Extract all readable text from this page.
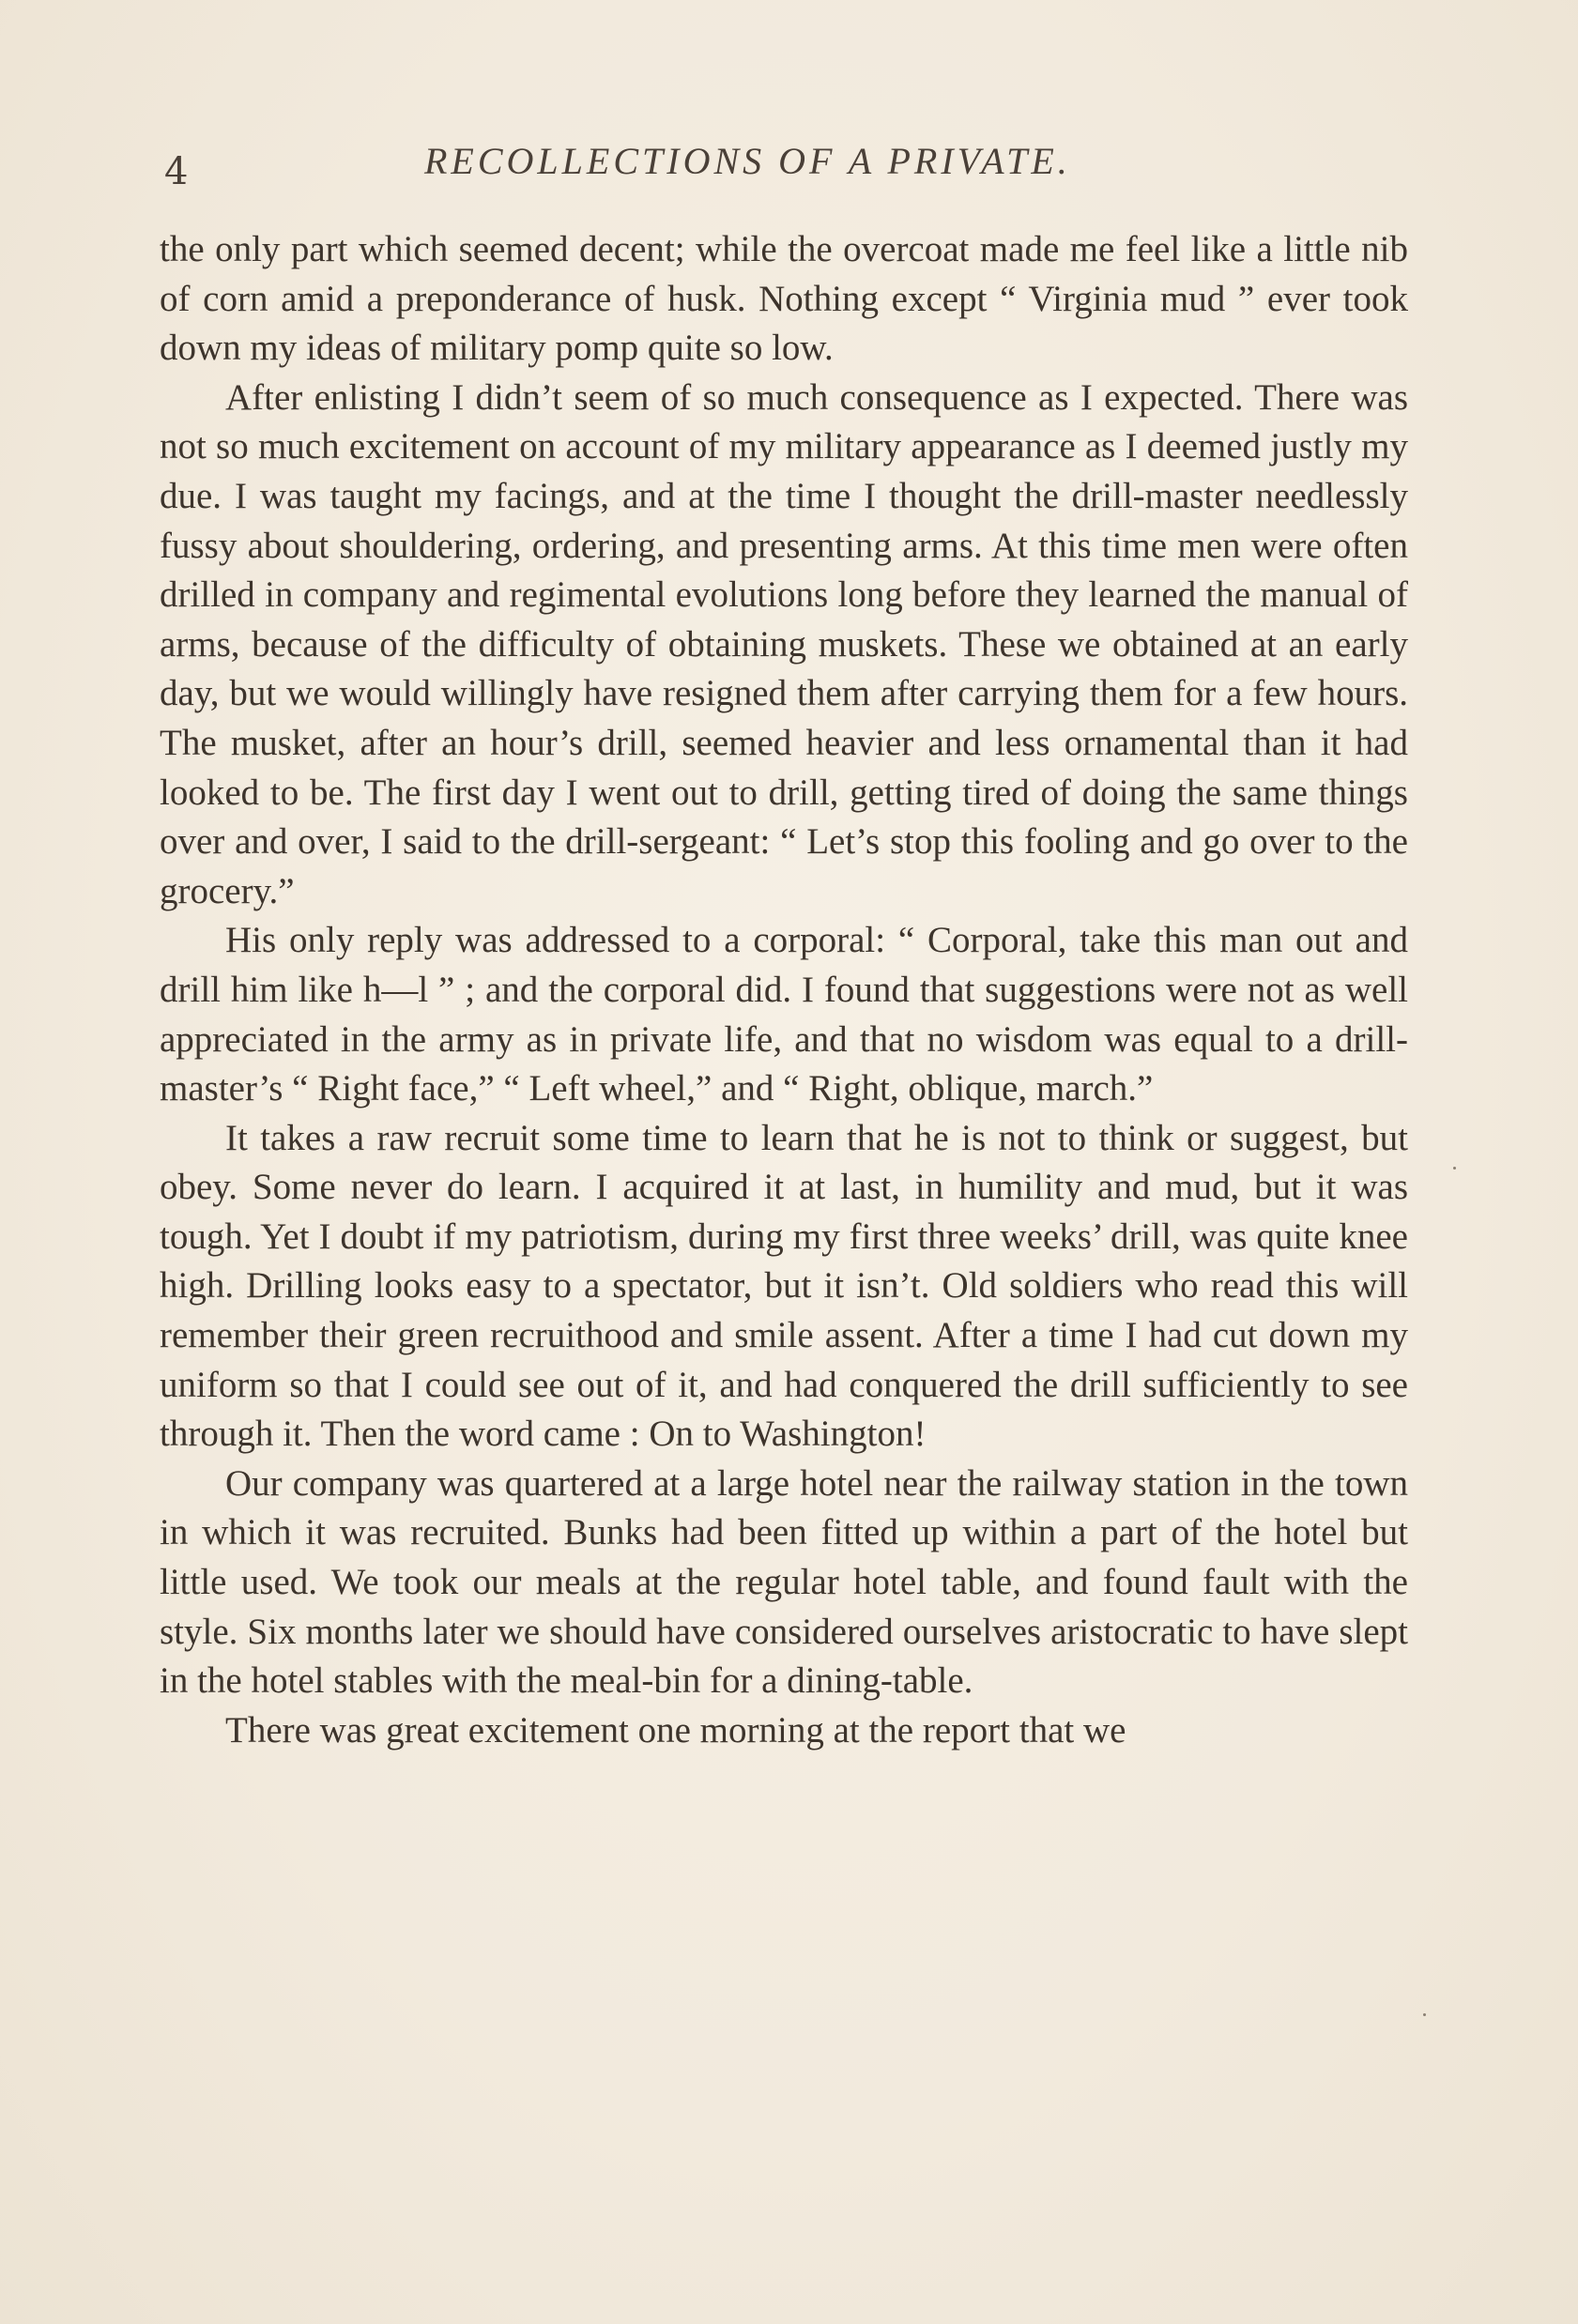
4	RECOLLECTIONS OF A PRIVATE.

the only part which seemed decent; while the overcoat made me feel like a little nib of corn amid a preponderance of husk. Nothing except “ Virginia mud ” ever took down my ideas of military pomp quite so low.

After enlisting I didn’t seem of so much consequence as I expected. There was not so much excitement on account of my military appearance as I deemed justly my due. I was taught my facings, and at the time I thought the drill-master needlessly fussy about shouldering, ordering, and presenting arms. At this time men were often drilled in company and regimental evolutions long before they learned the manual of arms, because of the difficulty of obtaining muskets. These we obtained at an early day, but we would willingly have resigned them after carrying them for a few hours. The musket, after an hour’s drill, seemed heavier and less ornamental than it had looked to be. The first day I went out to drill, getting tired of doing the same things over and over, I said to the drill-sergeant: “ Let’s stop this fooling and go over to the grocery.”

His only reply was addressed to a corporal: “ Corporal, take this man out and drill him like h—l ” ; and the corporal did. I found that suggestions were not as well appreciated in the army as in private life, and that no wisdom was equal to a drill-master’s “ Right face,” “ Left wheel,” and “ Right, oblique, march.”

It takes a raw recruit some time to learn that he is not to think or suggest, but obey. Some never do learn. I acquired it at last, in humility and mud, but it was tough. Yet I doubt if my patriotism, during my first three weeks’ drill, was quite knee high. Drilling looks easy to a spectator, but it isn’t. Old soldiers who read this will remember their green recruithood and smile assent. After a time I had cut down my uniform so that I could see out of it, and had conquered the drill sufficiently to see through it. Then the word came : On to Washington!

Our company was quartered at a large hotel near the railway station in the town in which it was recruited. Bunks had been fitted up within a part of the hotel but little used. We took our meals at the regular hotel table, and found fault with the style. Six months later we should have considered ourselves aristocratic to have slept in the hotel stables with the meal-bin for a dining-table.

There was great excitement one morning at the report that we
